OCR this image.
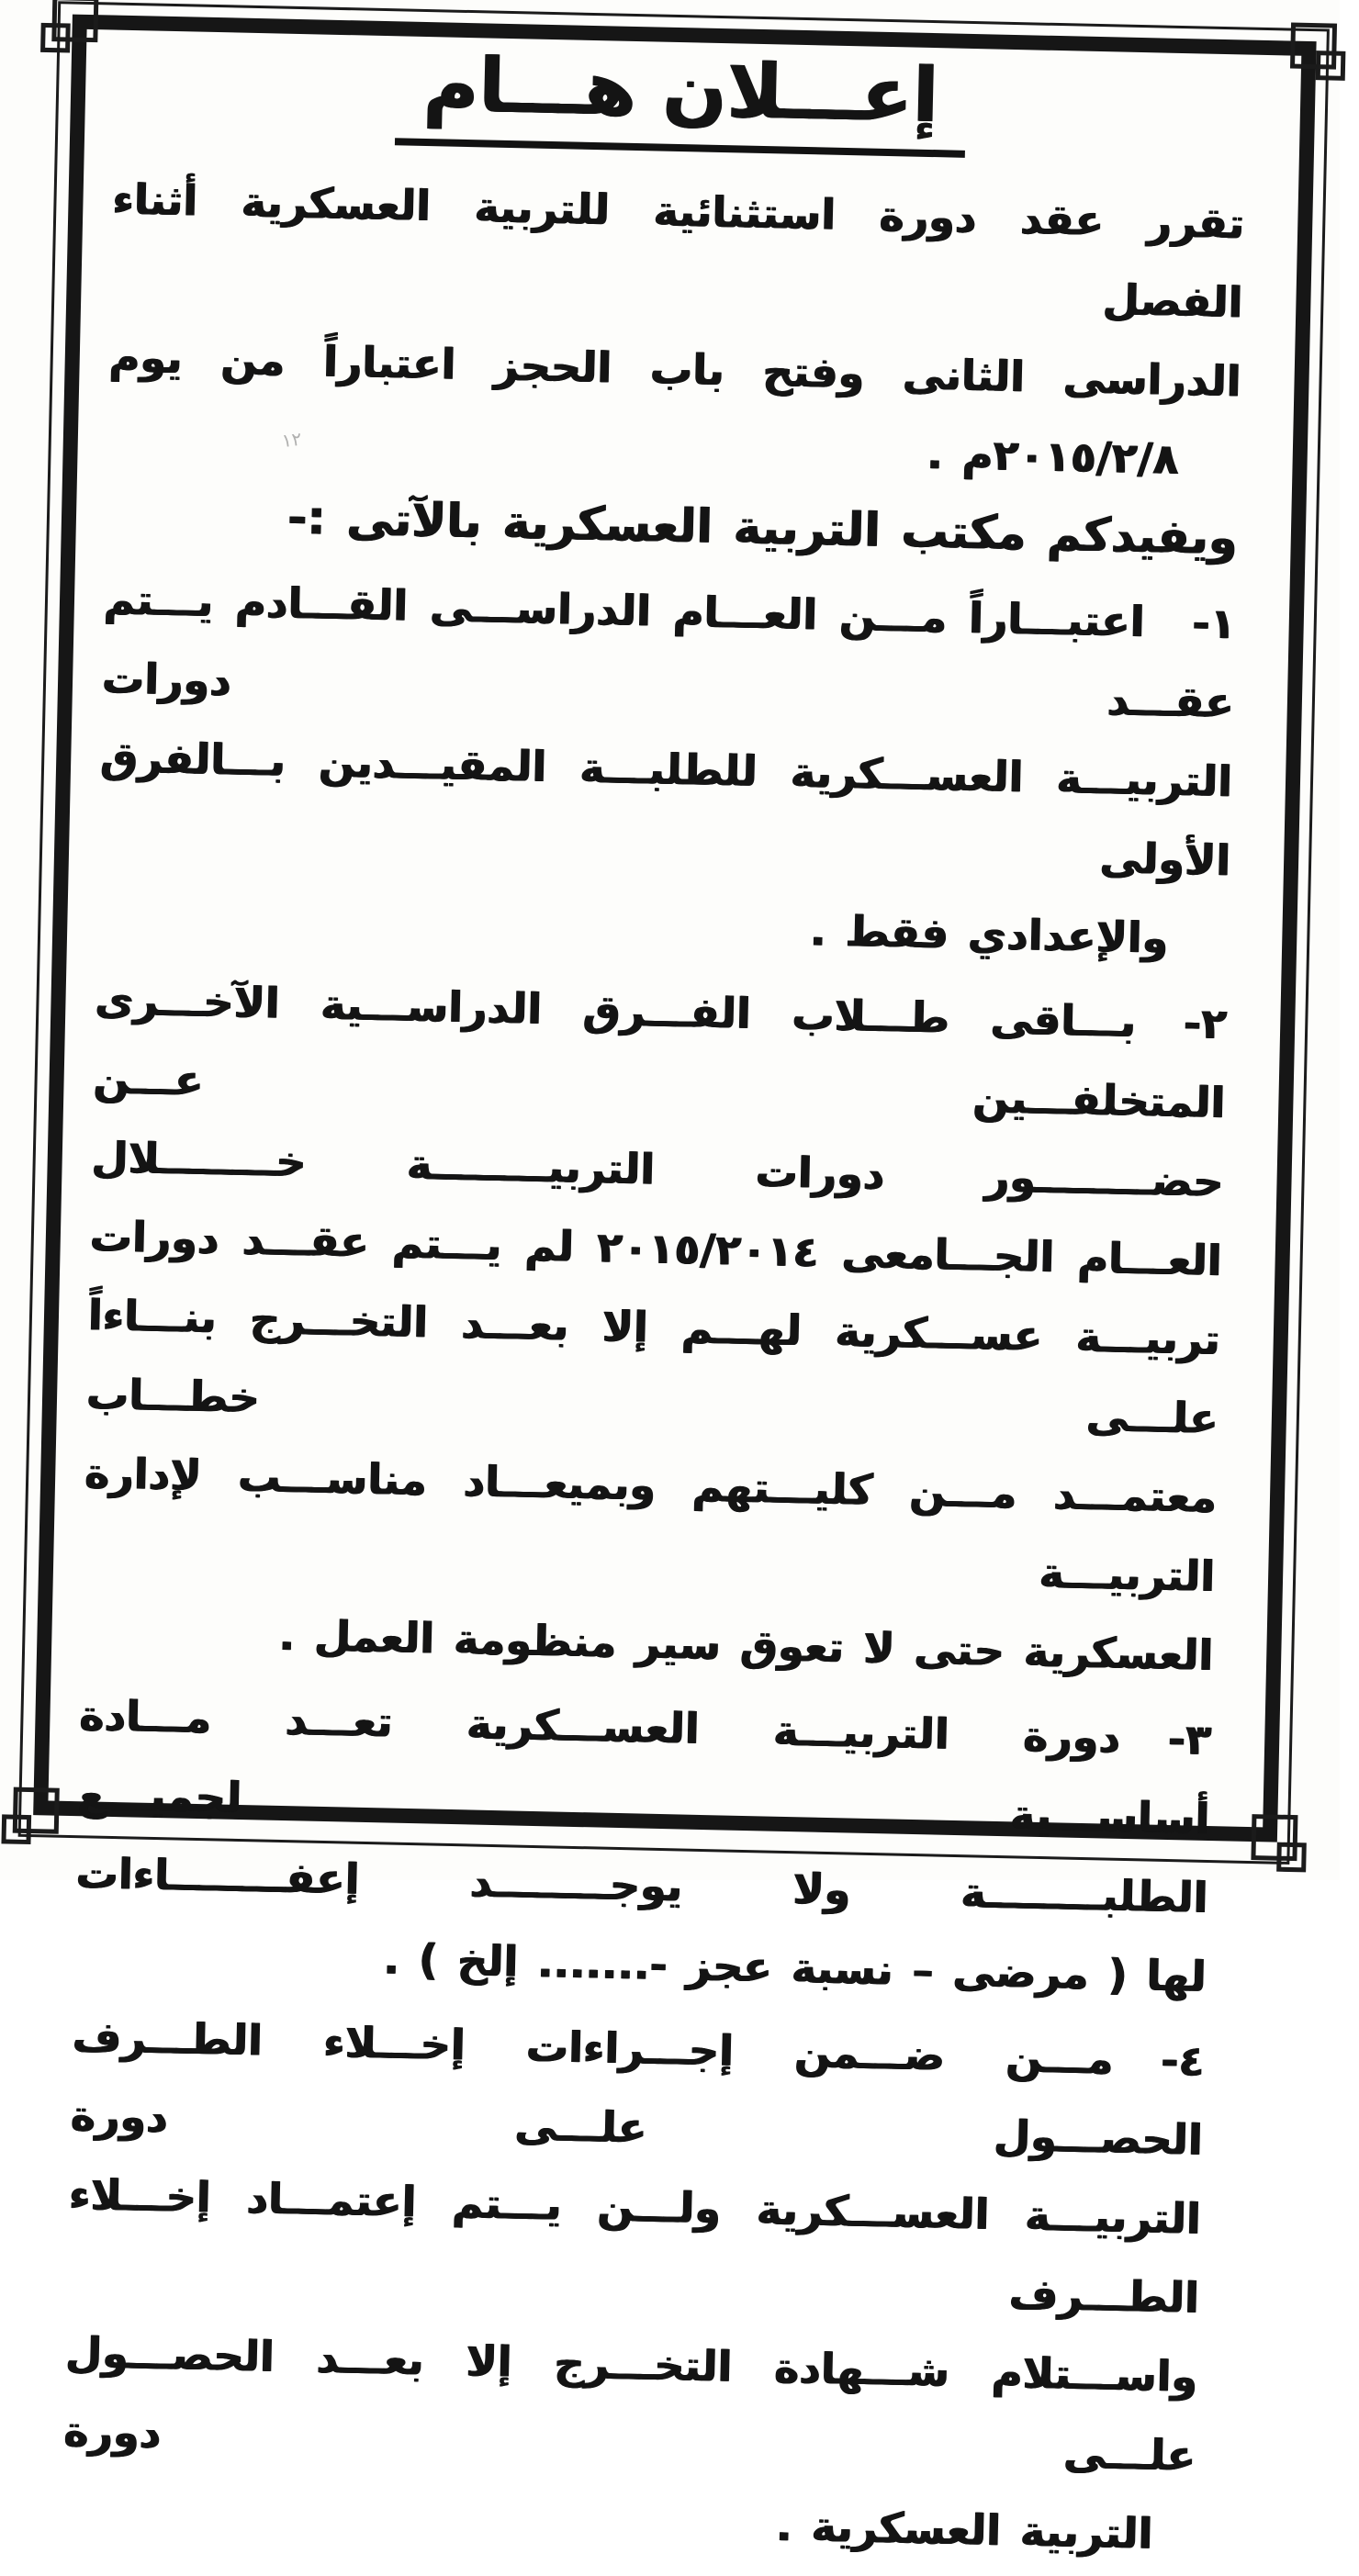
١٢
إعـــلان هـــام
تقرر عقد دورة استثنائية للتربية العسكرية أثناء الفصل
الدراسى الثانى وفتح باب الحجز اعتباراً من يوم
٢٠١٥/٢/٨م .
ويفيدكم مكتب التربية العسكرية بالآتى :-
١-اعتبـــاراً مـــن العـــام الدراســـى القـــادم يـــتم عقـــد دورات
التربيـــة العســـكرية للطلبـــة المقيـــدين بـــالفرق الأولى
والإعدادي فقط .
٢-بـــاقى طـــلاب الفـــرق الدراســـية الآخـــرى المتخلفـــين عـــن
حضــــــــور دورات التربيــــــــة خــــــــلال
العـــام الجـــامعى ٢٠١٥/٢٠١٤ لم يـــتم عقـــد دورات
تربيـــة عســـكرية لهـــم إلا بعـــد التخـــرج بنـــاءاً علـــى خطـــاب
معتمـــد مـــن كليـــتهم وبميعـــاد مناســـب لإدارة التربيـــة
العسكرية حتى لا تعوق سير منظومة العمل .
٣-دورة التربيـــة العســـكرية تعـــد مـــادة أساســـية لجميـــع
الطلبــــــــة ولا يوجــــــــد إعفــــــــاءات
لها ( مرضى – نسبة عجز -....... إلخ ) .
٤-مـــن ضـــمن إجـــراءات إخـــلاء الطـــرف الحصـــول علـــى دورة
التربيـــة العســـكرية ولـــن يـــتم إعتمـــاد إخـــلاء الطـــرف
واســـتلام شـــهادة التخـــرج إلا بعـــد الحصـــول علـــى دورة
التربية العسكرية .
